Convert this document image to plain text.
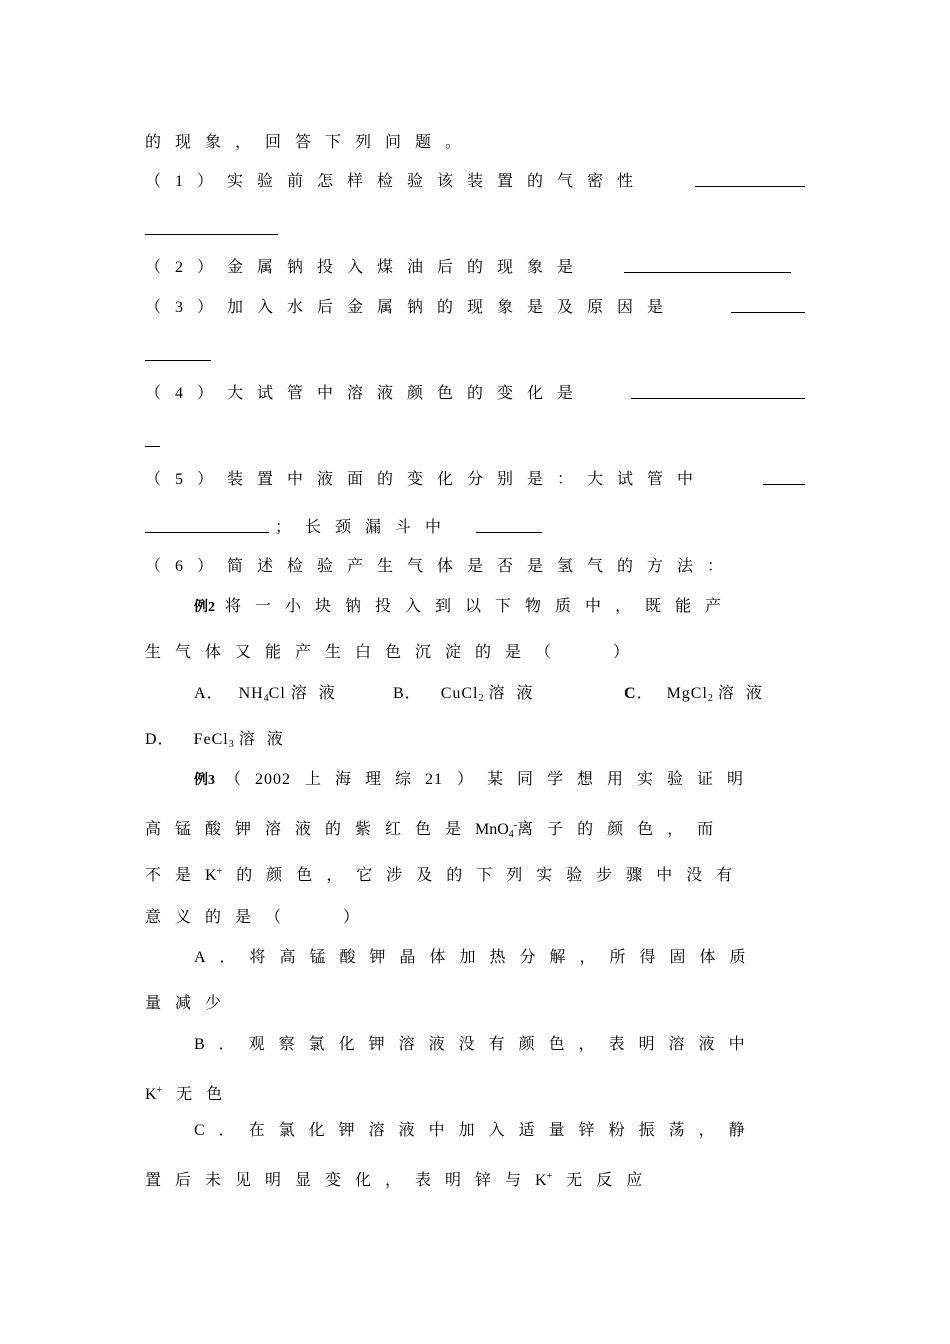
的现象，回答下列问题。
（1）实验前怎样检验该装置的气密性
（2）金属钠投入煤油后的现象是
（3）加入水后金属钠的现象是及原因是
（4）大试管中溶液颜色的变化是
（5）装置中液面的变化分别是：大试管中
；长颈漏斗中
（6）简述检验产生气体是否是氢气的方法：
例2 将一小块钠投入到以下物质中，既能产
生气体又能产生白色沉淀的是（	）
A． $NH_4Cl$ 溶液	B． CuCl$_2$ 溶液	C． MgCl$_2$ 溶液
D． FeCl$_3$ 溶液
例3 （2002 上海理综21 ）某同学想用实验证明
高锰酸钾溶液的紫红色是MnO$_4$-离子的颜色，而
不是K+ 的颜色，它涉及的下列实验步骤中没有
意义的是（	）
A．将高锰酸钾晶体加热分解，所得固体质
量减少
B．观察氯化钾溶液没有颜色，表明溶液中
K+ 无色
C．在氯化钾溶液中加入适量锌粉振荡，静
置后未见明显变化，表明锌与K+ 无反应
